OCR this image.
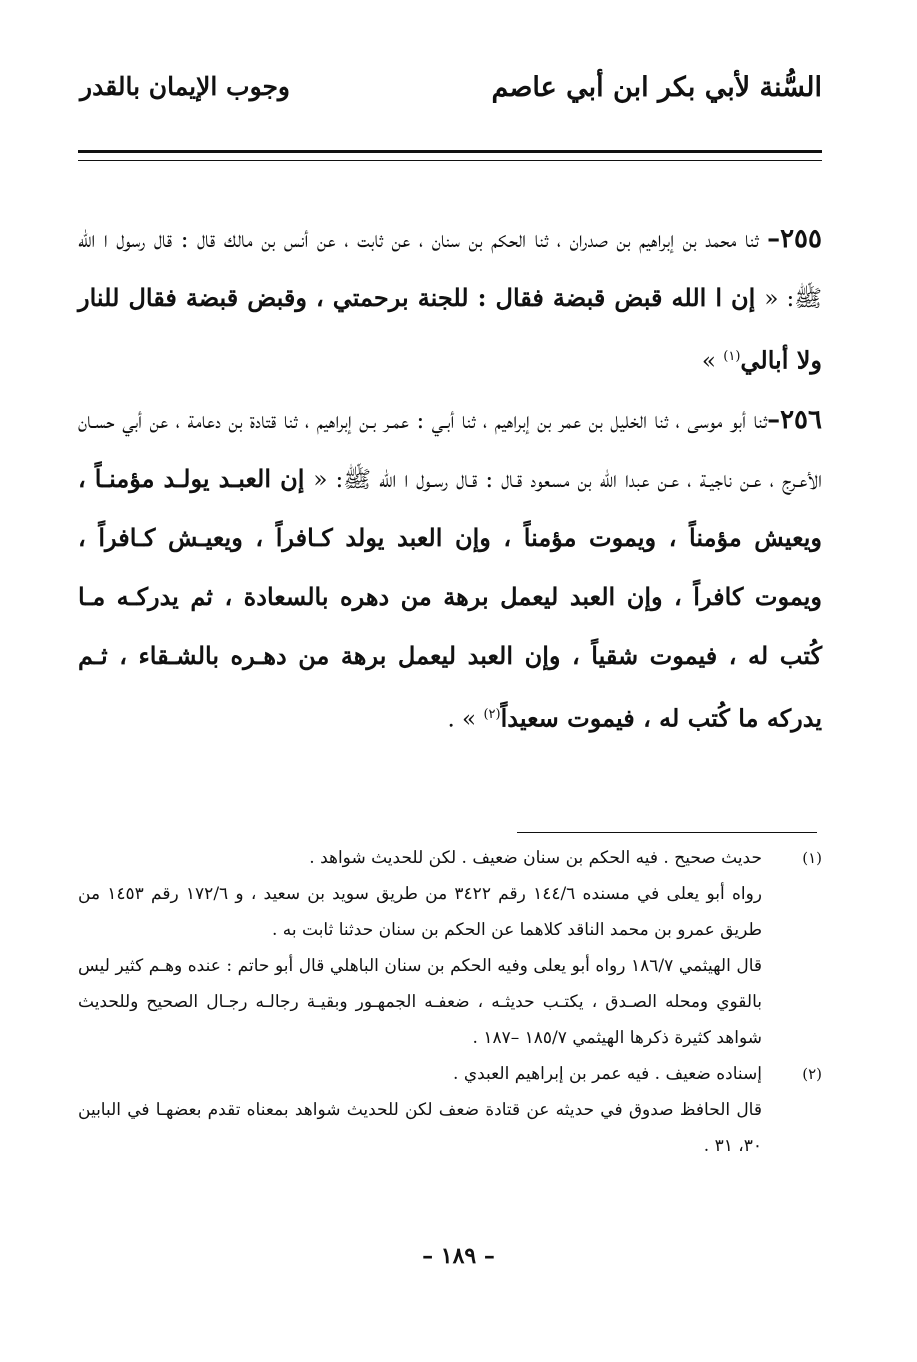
السُّنة لأبي بكر ابن أبي عاصم
وجوب الإيمان بالقدر

٢٥٥– ثنا محمد بن إبراهيم بن صدران ، ثنا الحكم بن سنان ، عن ثابت ، عن أنس بن مالك قال : قال رسول ا الله ﷺ: « إن ا الله قبض قبضة فقال : للجنة برحمتي ، وقبض قبضة فقال للنار ولا أبالي$^{(١)}$ »

٢٥٦–ثنا أبو موسى ، ثنا الخليل بن عمر بن إبراهيم ، ثنا أبـي : عمـر بـن إبراهيم ، ثنا قتادة بن دعامة ، عن أبي حسـان الأعـرج ، عـن ناجيـة ، عـن عبدا الله بن مسعود قـال : قـال رسـول ا الله ﷺ: « إن العبـد يولـد مؤمنـاً ، ويعيش مؤمناً ، ويموت مؤمناً ، وإن العبد يولد كـافراً ، ويعيـش كـافراً ، ويموت كافراً ، وإن العبد ليعمل برهة من دهره بالسعادة ، ثم يدركـه مـا كُتب له ، فيموت شقياً ، وإن العبد ليعمل برهة من دهـره بالشـقاء ، ثـم يدركه ما كُتب له ، فيموت سعيداً$^{(٢)}$ » .

(١)

حديث صحيح . فيه الحكم بن سنان ضعيف . لكن للحديث شواهد .

رواه أبو يعلى في مسنده ١٤٤/٦ رقم ٣٤٢٢ من طريق سويد بن سعيد ، و ١٧٢/٦ رقم ١٤٥٣ من طريق عمرو بن محمد الناقد كلاهما عن الحكم بن سنان حدثنا ثابت به .

قال الهيثمي ١٨٦/٧ رواه أبو يعلى وفيه الحكم بن سنان الباهلي قال أبو حاتم : عنده وهـم كثير ليس بالقوي ومحله الصـدق ، يكتـب حديثـه ، ضعفـه الجمهـور وبقيـة رجالـه رجـال الصحيح وللحديث شواهد كثيرة ذكرها الهيثمي ١٨٥/٧ –١٨٧ .

(٢)

إسناده ضعيف . فيه عمر بن إبراهيم العبدي .

قال الحافظ صدوق في حديثه عن قتادة ضعف لكن للحديث شواهد بمعناه تقدم بعضهـا في البابين ٣٠، ٣١ .

– ١٨٩ –
